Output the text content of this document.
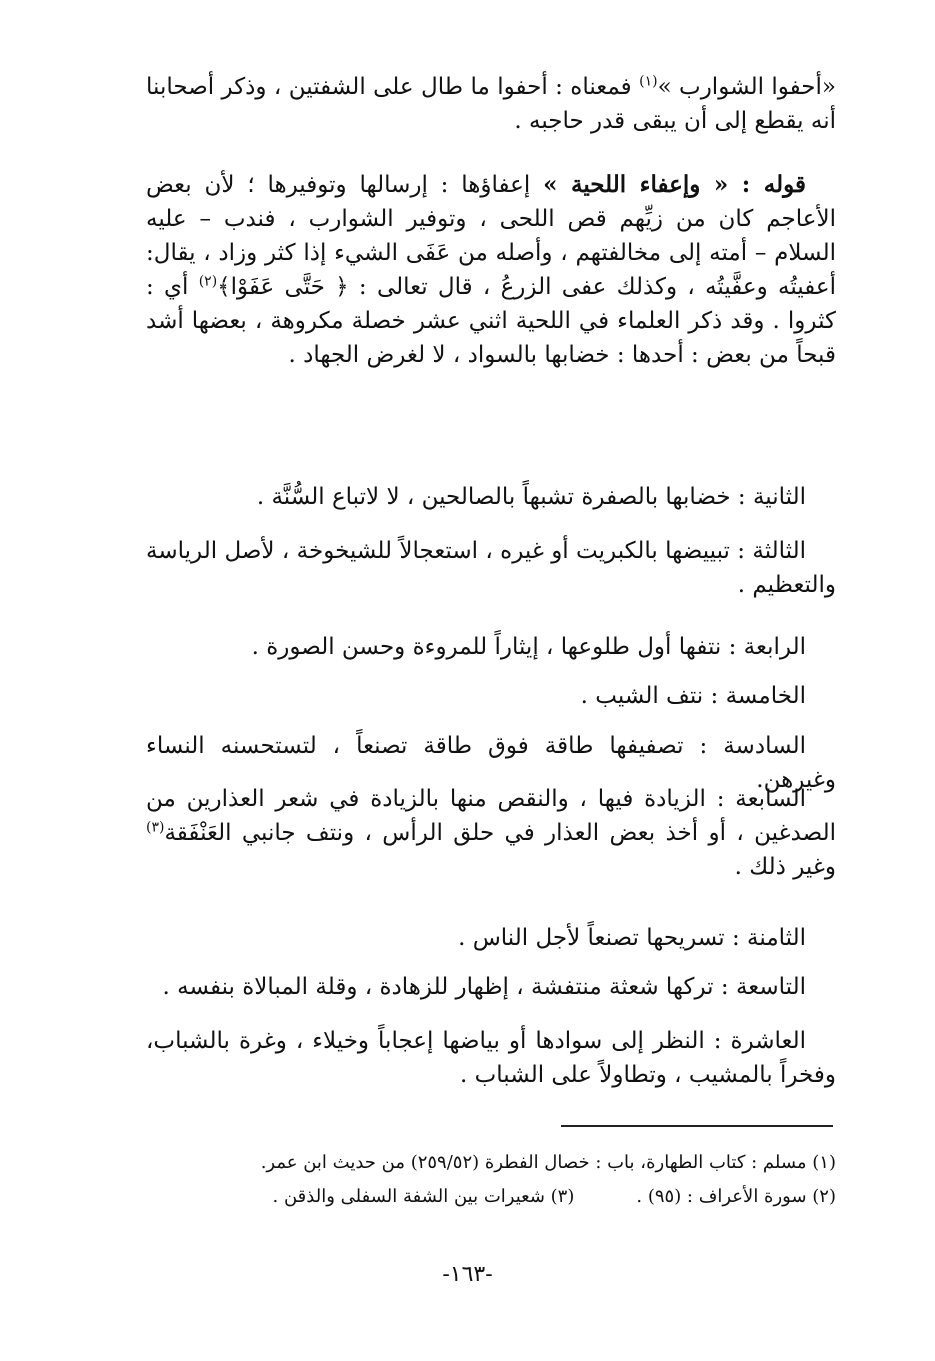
«أحفوا الشوارب »$^{(١)}$ فمعناه : أحفوا ما طال على الشفتين ، وذكر أصحابنا أنه يقطع إلى أن يبقى قدر حاجبه .
قوله : « وإعفاء اللحية » إعفاؤها : إرسالها وتوفيرها ؛ لأن بعض الأعاجم كان من زيِّهم قص اللحى ، وتوفير الشوارب ، فندب – عليه السلام – أمته إلى مخالفتهم ، وأصله من عَفَى الشيء إذا كثر وزاد ، يقال: أعفيتُه وعفَّيتُه ، وكذلك عفى الزرعُ ، قال تعالى : ﴿ حَتَّى عَفَوْا﴾$^{(٢)}$ أي : كثروا . وقد ذكر العلماء في اللحية اثني عشر خصلة مكروهة ، بعضها أشد قبحاً من بعض : أحدها : خضابها بالسواد ، لا لغرض الجهاد .
الثانية : خضابها بالصفرة تشبهاً بالصالحين ، لا لاتباع السُّنَّة .
الثالثة : تبييضها بالكبريت أو غيره ، استعجالاً للشيخوخة ، لأصل الرياسة والتعظيم .
الرابعة : نتفها أول طلوعها ، إيثاراً للمروءة وحسن الصورة .
الخامسة : نتف الشيب .
السادسة : تصفيفها طاقة فوق طاقة تصنعاً ، لتستحسنه النساء وغيرهن.
السابعة : الزيادة فيها ، والنقص منها بالزيادة في شعر العذارين من الصدغين ، أو أخذ بعض العذار في حلق الرأس ، ونتف جانبي العَنْفَقة$^{(٣)}$ وغير ذلك .
الثامنة : تسريحها تصنعاً لأجل الناس .
التاسعة : تركها شعثة منتفشة ، إظهار للزهادة ، وقلة المبالاة بنفسه .
العاشرة : النظر إلى سوادها أو بياضها إعجاباً وخيلاء ، وغرة بالشباب، وفخراً بالمشيب ، وتطاولاً على الشباب .
(١) مسلم : كتاب الطهارة، باب : خصال الفطرة (٢٥٩/٥٢) من حديث ابن عمر.
(٢) سورة الأعراف : (٩٥) .(٣) شعيرات بين الشفة السفلى والذقن .
-١٦٣-
